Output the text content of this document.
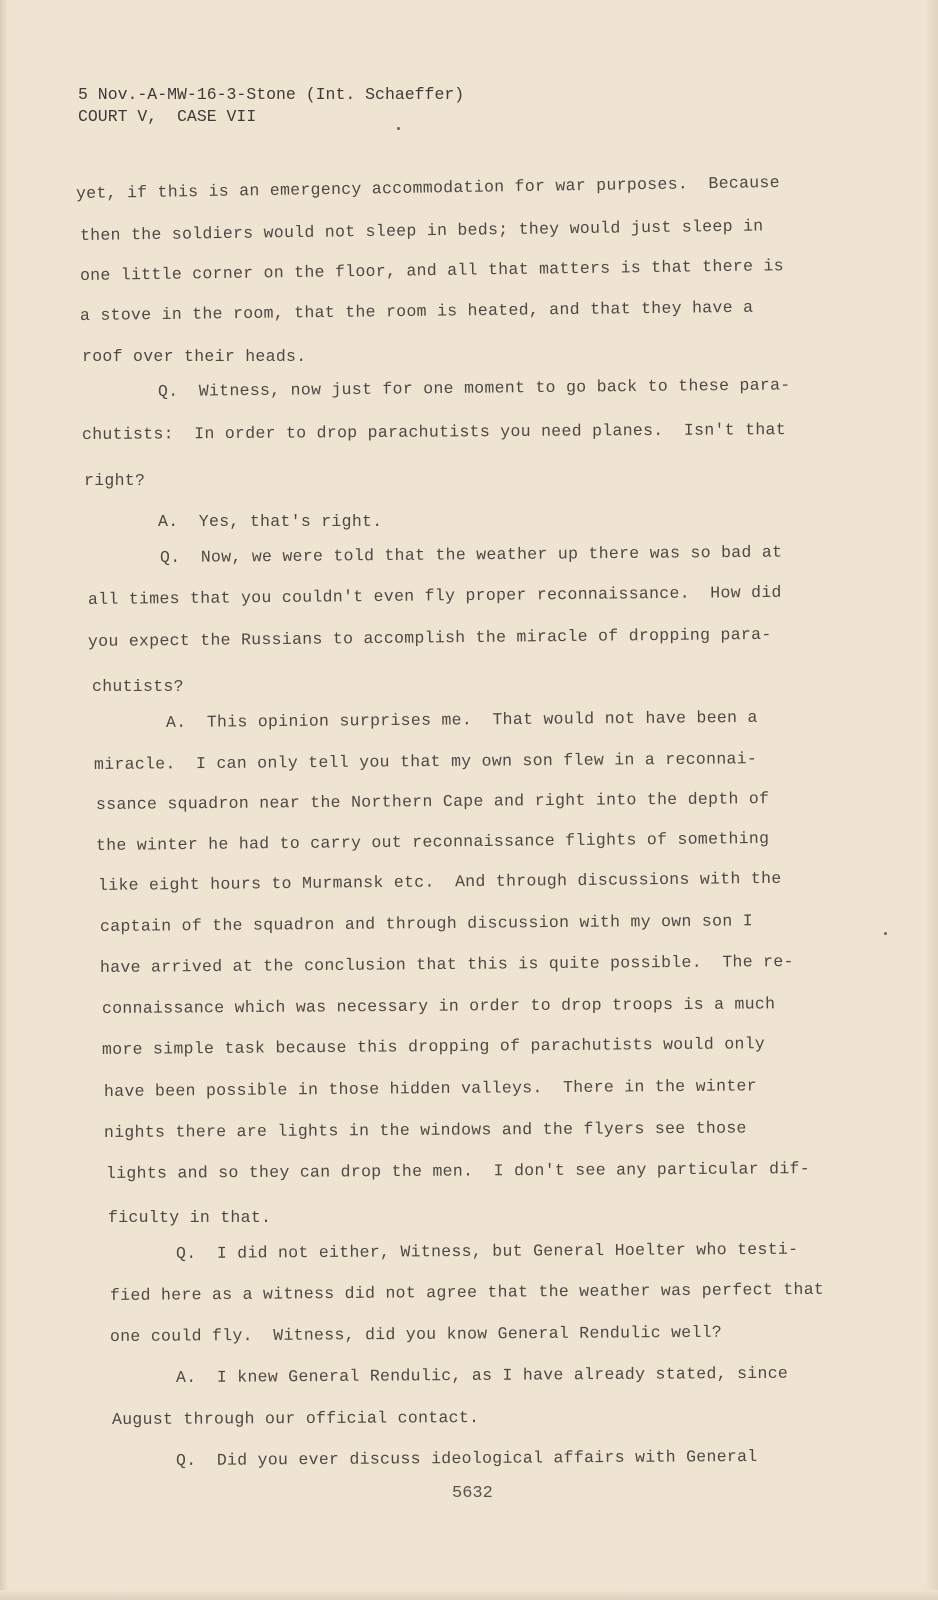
5 Nov.-A-MW-16-3-Stone (Int. Schaeffer)
COURT V,  CASE VII
yet, if this is an emergency accommodation for war purposes.  Because
then the soldiers would not sleep in beds; they would just sleep in
one little corner on the floor, and all that matters is that there is
a stove in the room, that the room is heated, and that they have a
roof over their heads.
Q.  Witness, now just for one moment to go back to these para-
chutists:  In order to drop parachutists you need planes.  Isn't that
right?
A.  Yes, that's right.
Q.  Now, we were told that the weather up there was so bad at
all times that you couldn't even fly proper reconnaissance.  How did
you expect the Russians to accomplish the miracle of dropping para-
chutists?
A.  This opinion surprises me.  That would not have been a
miracle.  I can only tell you that my own son flew in a reconnai-
ssance squadron near the Northern Cape and right into the depth of
the winter he had to carry out reconnaissance flights of something
like eight hours to Murmansk etc.  And through discussions with the
captain of the squadron and through discussion with my own son I
have arrived at the conclusion that this is quite possible.  The re-
connaissance which was necessary in order to drop troops is a much
more simple task because this dropping of parachutists would only
have been possible in those hidden valleys.  There in the winter
nights there are lights in the windows and the flyers see those
lights and so they can drop the men.  I don't see any particular dif-
ficulty in that.
Q.  I did not either, Witness, but General Hoelter who testi-
fied here as a witness did not agree that the weather was perfect that
one could fly.  Witness, did you know General Rendulic well?
A.  I knew General Rendulic, as I have already stated, since
August through our official contact.
Q.  Did you ever discuss ideological affairs with General
5632
